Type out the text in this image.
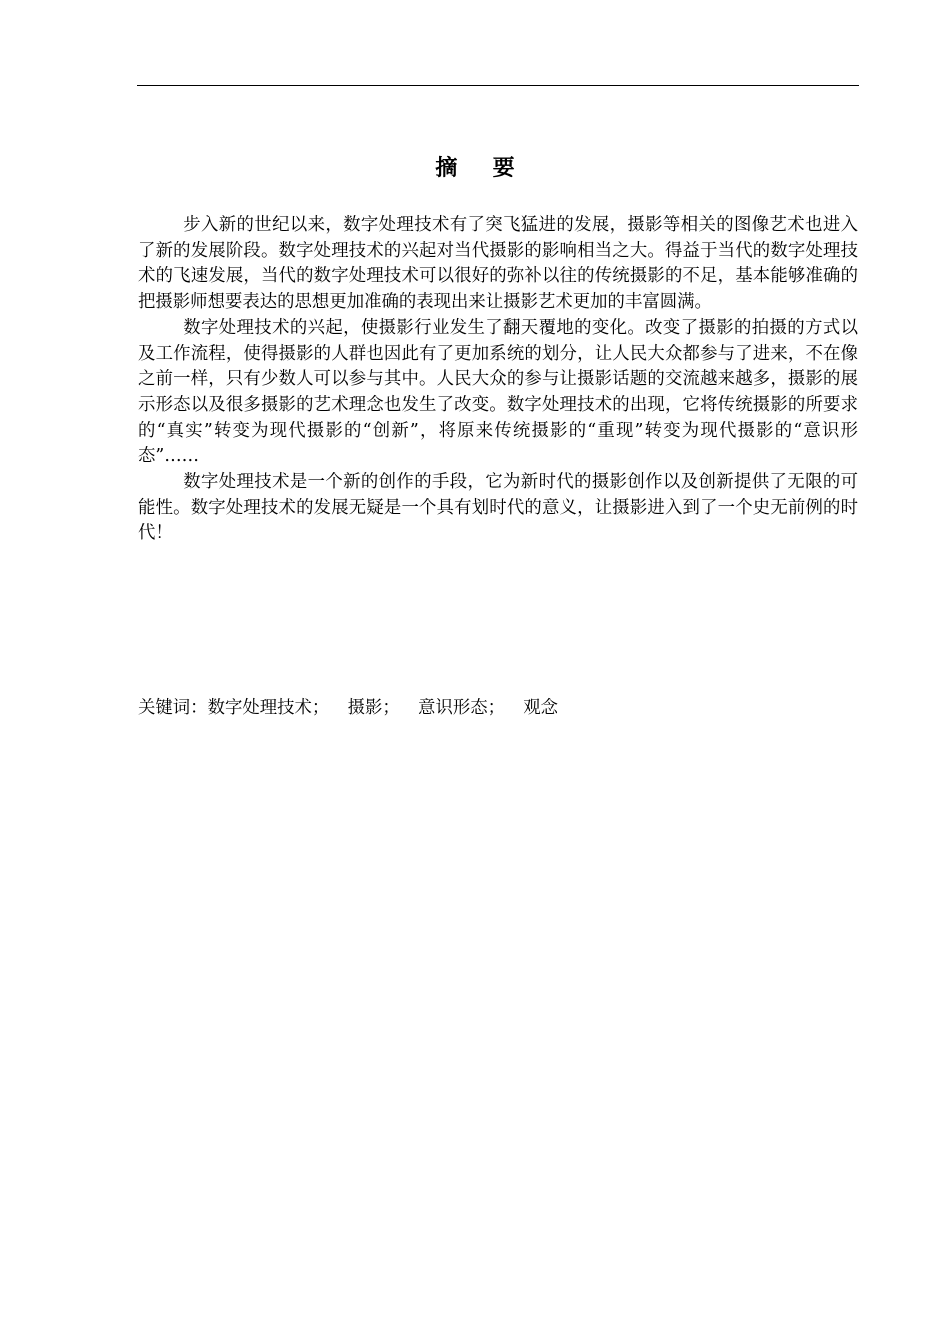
摘要

步入新的世纪以来，数字处理技术有了突飞猛进的发展，摄影等相关的图像艺术也进入了新的发展阶段。数字处理技术的兴起对当代摄影的影响相当之大。得益于当代的数字处理技术的飞速发展，当代的数字处理技术可以很好的弥补以往的传统摄影的不足，基本能够准确的把摄影师想要表达的思想更加准确的表现出来让摄影艺术更加的丰富圆满。

数字处理技术的兴起，使摄影行业发生了翻天覆地的变化。改变了摄影的拍摄的方式以及工作流程，使得摄影的人群也因此有了更加系统的划分，让人民大众都参与了进来，不在像之前一样，只有少数人可以参与其中。人民大众的参与让摄影话题的交流越来越多，摄影的展示形态以及很多摄影的艺术理念也发生了改变。数字处理技术的出现，它将传统摄影的所要求的“真实”转变为现代摄影的“创新”，将原来传统摄影的“重现”转变为现代摄影的“意识形态”……

数字处理技术是一个新的创作的手段，它为新时代的摄影创作以及创新提供了无限的可能性。数字处理技术的发展无疑是一个具有划时代的意义，让摄影进入到了一个史无前例的时代！

关键词：数字处理技术； 摄影； 意识形态； 观念
